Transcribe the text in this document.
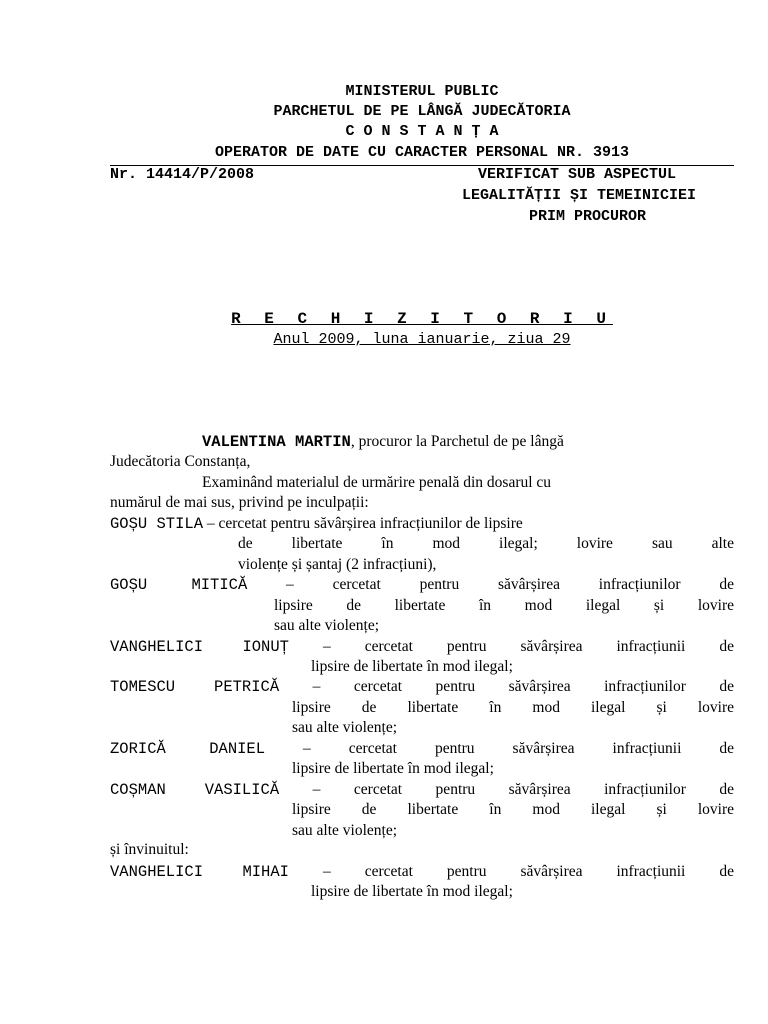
MINISTERUL PUBLIC
PARCHETUL DE PE LÂNGĂ JUDECĂTORIA
C O N S T A N Ț A
OPERATOR DE DATE CU CARACTER PERSONAL NR. 3913
Nr. 14414/P/2008	VERIFICAT SUB ASPECTUL
LEGALITĂȚII ȘI TEMEINICIEI
PRIM PROCUROR
R E C H I Z I T O R I U
Anul 2009, luna ianuarie, ziua 29
VALENTINA MARTIN, procuror la Parchetul de pe lângă
Judecătoria Constanța,
Examinând materialul de urmărire penală din dosarul cu
numărul de mai sus, privind pe inculpații:
GOȘU STILA – cercetat pentru săvârșirea infracțiunilor de lipsire
de libertate în mod ilegal; lovire sau alte
violențe și șantaj (2 infracțiuni),
GOȘU MITICĂ – cercetat pentru săvârșirea infracțiunilor de
lipsire de libertate în mod ilegal și lovire
sau alte violențe;
VANGHELICI IONUȚ – cercetat pentru săvârșirea infracțiunii de
lipsire de libertate în mod ilegal;
TOMESCU PETRICĂ – cercetat pentru săvârșirea infracțiunilor de
lipsire de libertate în mod ilegal și lovire
sau alte violențe;
ZORICĂ DANIEL – cercetat pentru săvârșirea infracțiunii de
lipsire de libertate în mod ilegal;
COȘMAN VASILICĂ – cercetat pentru săvârșirea infracțiunilor de
lipsire de libertate în mod ilegal și lovire
sau alte violențe;
și învinuitul:
VANGHELICI MIHAI – cercetat pentru săvârșirea infracțiunii de
lipsire de libertate în mod ilegal;
